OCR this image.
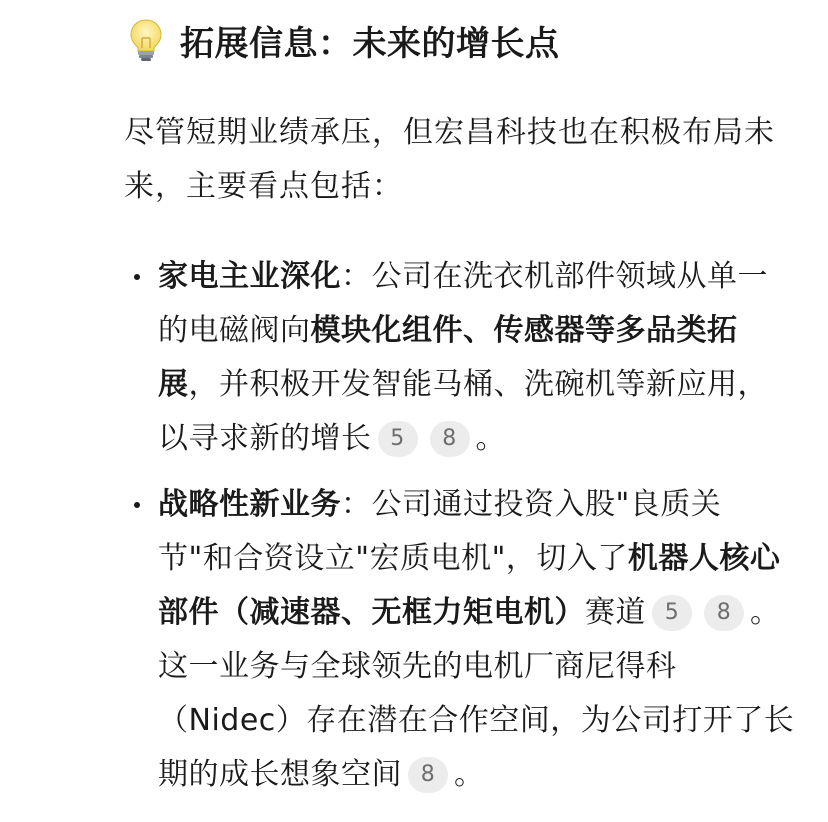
拓展信息：未来的增长点
尽管短期业绩承压，但宏昌科技也在积极布局未来，主要看点包括：
家电主业深化：公司在洗衣机部件领域从单一的电磁阀向模块化组件、传感器等多品类拓展，并积极开发智能马桶、洗碗机等新应用，以寻求新的增长 5 8 。
战略性新业务：公司通过投资入股"良质关节"和合资设立"宏质电机"，切入了机器人核心部件（减速器、无框力矩电机）赛道 5 8 。这一业务与全球领先的电机厂商尼得科（Nidec）存在潜在合作空间，为公司打开了长期的成长想象空间 8 。
